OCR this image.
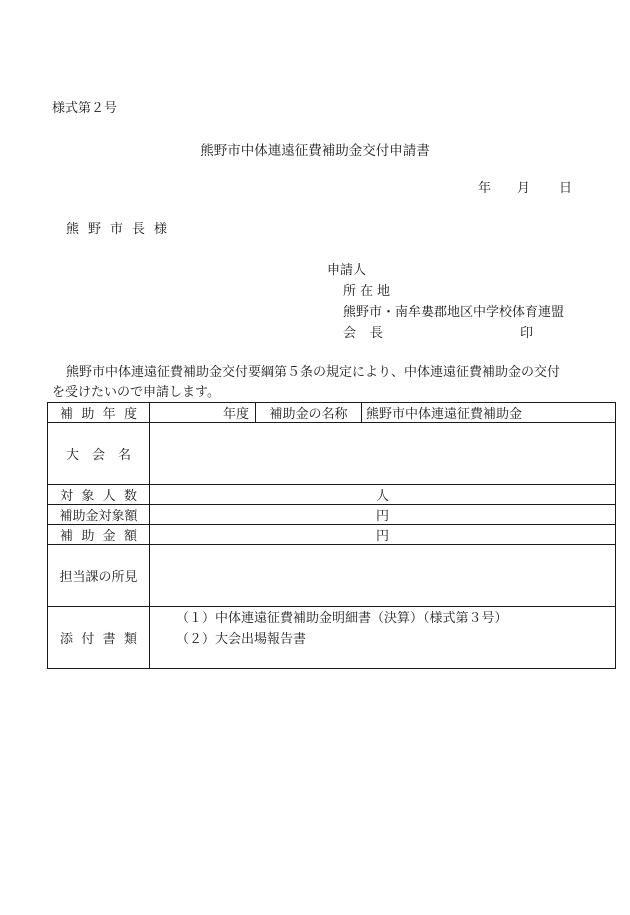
様式第２号
熊野市中体連遠征費補助金交付申請書
年 月 日
熊野市長様
申請人
所在地
熊野市・南牟婁郡地区中学校体育連盟
会長	印
熊野市中体連遠征費補助金交付要綱第５条の規定により、中体連遠征費補助金の交付
を受けたいので申請します。
補助年度	年度	補助金の名称	熊野市中体連遠征費補助金
大会名			
対象人数	人		
補助金対象額	円		
補助金額	円		
担当課の所見			
添付書類	（１）中体連遠征費補助金明細書（決算）（様式第３号）
（２）大会出場報告書		
